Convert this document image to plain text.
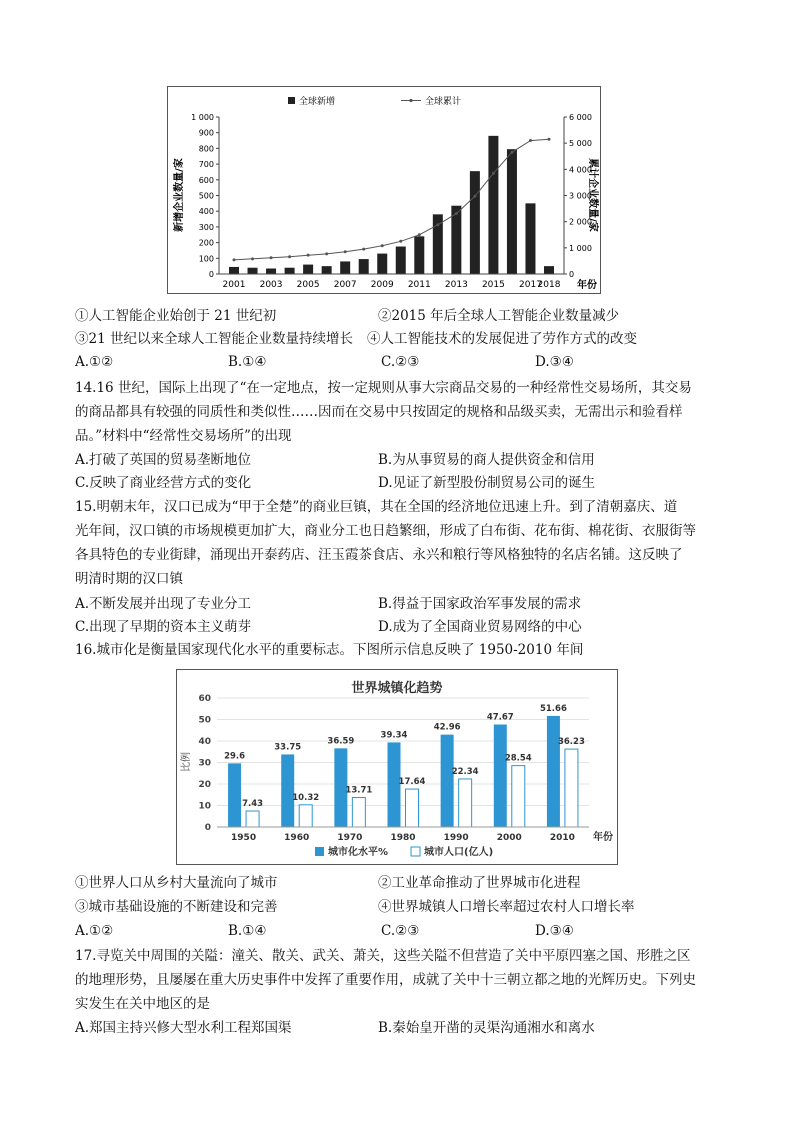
0
100
200
300
400
500
600
700
800
900
1 000
0
1 000
2 000
3 000
4 000
5 000
6 000
2001 2003 2005 2007 2009 2011 2013 2015 2017
2018
全球新增	全球累计
新增企业数量/家	累计企业数量/家
年份
①人工智能企业始创于 21 世纪初	②2015 年后全球人工智能企业数量减少
③21 世纪以来全球人工智能企业数量持续增长 ④人工智能技术的发展促进了劳作方式的改变
A.①②	B.①④	C.②③	D.③④
14.16 世纪，国际上出现了“在一定地点，按一定规则从事大宗商品交易的一种经常性交易场所，其交易
的商品都具有较强的同质性和类似性……因而在交易中只按固定的规格和品级买卖，无需出示和验看样
品。”材料中“经常性交易场所”的出现
A.打破了英国的贸易垄断地位	B.为从事贸易的商人提供资金和信用
C.反映了商业经营方式的变化	D.见证了新型股份制贸易公司的诞生
15.明朝末年，汉口已成为“甲于全楚”的商业巨镇，其在全国的经济地位迅速上升。到了清朝嘉庆、道
光年间，汉口镇的市场规模更加扩大，商业分工也日趋繁细，形成了白布街、花布街、棉花街、衣服街等
各具特色的专业街肆，涌现出开泰药店、汪玉霞茶食店、永兴和粮行等风格独特的名店名铺。这反映了
明清时期的汉口镇
A.不断发展并出现了专业分工	B.得益于国家政治军事发展的需求
C.出现了早期的资本主义萌芽	D.成为了全国商业贸易网络的中心
16.城市化是衡量国家现代化水平的重要标志。下图所示信息反映了 1950-2010 年间
世界城镇化趋势
29.6
7.43
33.75
10.32
36.59
13.71
39.34
17.64
42.96
22.34
47.67
28.54
51.66
36.23
0
10
20
30
40
50
60
1950	1960	1970	1980	1990	2000	2010
比例
年份
城市化水平%	城市人口(亿人)
①世界人口从乡村大量流向了城市	②工业革命推动了世界城市化进程
③城市基础设施的不断建设和完善	④世界城镇人口增长率超过农村人口增长率
A.①②	B.①④	C.②③	D.③④
17.寻览关中周围的关隘：潼关、散关、武关、萧关，这些关隘不但营造了关中平原四塞之国、形胜之区
的地理形势，且屡屡在重大历史事件中发挥了重要作用，成就了关中十三朝立都之地的光辉历史。下列史
实发生在关中地区的是
A.郑国主持兴修大型水利工程郑国渠	B.秦始皇开凿的灵渠沟通湘水和离水
